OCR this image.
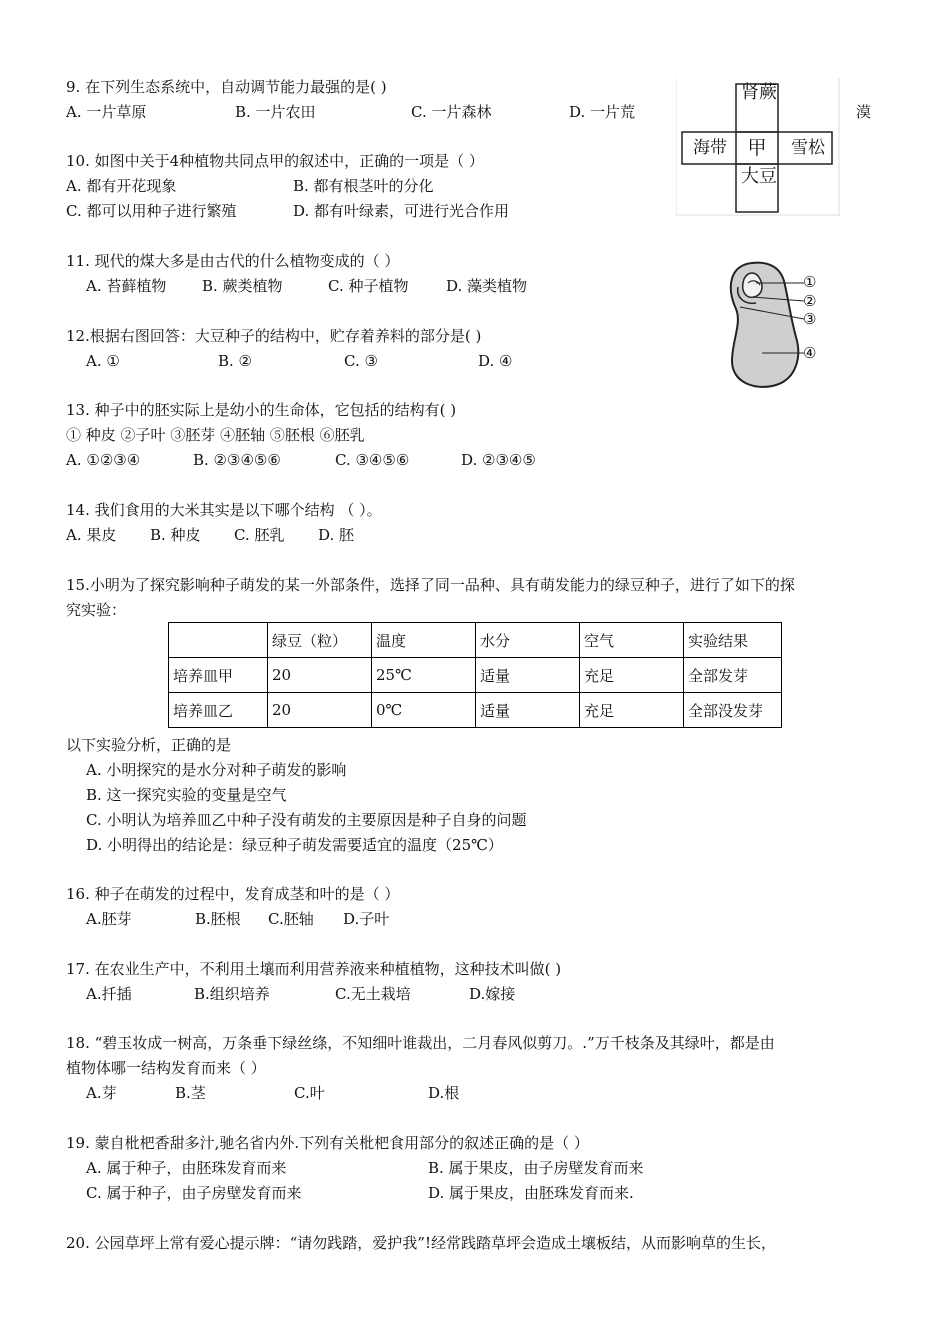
9. 在下列生态系统中，自动调节能力最强的是( )
A. 一片草原	B. 一片农田	C. 一片森林	D. 一片荒	漠
肾蕨
海带	甲	雪松
大豆
10. 如图中关于4种植物共同点甲的叙述中，正确的一项是（ ）
A. 都有开花现象	B. 都有根茎叶的分化
C. 都可以用种子进行繁殖	D. 都有叶绿素，可进行光合作用
11. 现代的煤大多是由古代的什么植物变成的（ ）
A. 苔藓植物 B. 蕨类植物	C. 种子植物	D. 藻类植物	①
②
③
④
12.根据右图回答：大豆种子的结构中，贮存着养料的部分是( )
A. ①	B. ②	C. ③	D. ④
13. 种子中的胚实际上是幼小的生命体，它包括的结构有( )
① 种皮 ②子叶 ③胚芽 ④胚轴 ⑤胚根 ⑥胚乳
A. ①②③④	B. ②③④⑤⑥	C. ③④⑤⑥	D. ②③④⑤
14. 我们食用的大米其实是以下哪个结构 （ ）。
A. 果皮 B. 种皮 C. 胚乳 D. 胚
15.小明为了探究影响种子萌发的某一外部条件，选择了同一品种、具有萌发能力的绿豆种子，进行了如下的探
究实验：
	绿豆（粒）	温度	水分	空气	实验结果
培养皿甲	20	25℃	适量	充足	全部发芽
培养皿乙	20	0℃	适量	充足	全部没发芽
以下实验分析，正确的是
A. 小明探究的是水分对种子萌发的影响
B. 这一探究实验的变量是空气
C. 小明认为培养皿乙中种子没有萌发的主要原因是种子自身的问题
D. 小明得出的结论是：绿豆种子萌发需要适宜的温度（25℃）
16. 种子在萌发的过程中，发育成茎和叶的是（ ）
A.胚芽	B.胚根 C.胚轴 D.子叶
17. 在农业生产中，不利用土壤而利用营养液来种植植物，这种技术叫做( )
A.扦插	B.组织培养	C.无土栽培	D.嫁接
18. “碧玉妆成一树高，万条垂下绿丝绦，不知细叶谁裁出，二月春风似剪刀。.”万千枝条及其绿叶，都是由
植物体哪一结构发育而来（ ）
A.芽	B.茎	C.叶	D.根
19. 蒙自枇杷香甜多汁,驰名省内外.下列有关枇杷食用部分的叙述正确的是（ ）
A. 属于种子，由胚珠发育而来	B. 属于果皮，由子房壁发育而来
C. 属于种子，由子房壁发育而来	D. 属于果皮，由胚珠发育而来.
20. 公园草坪上常有爱心提示牌：“请勿践踏，爱护我”!经常践踏草坪会造成土壤板结，从而影响草的生长，
